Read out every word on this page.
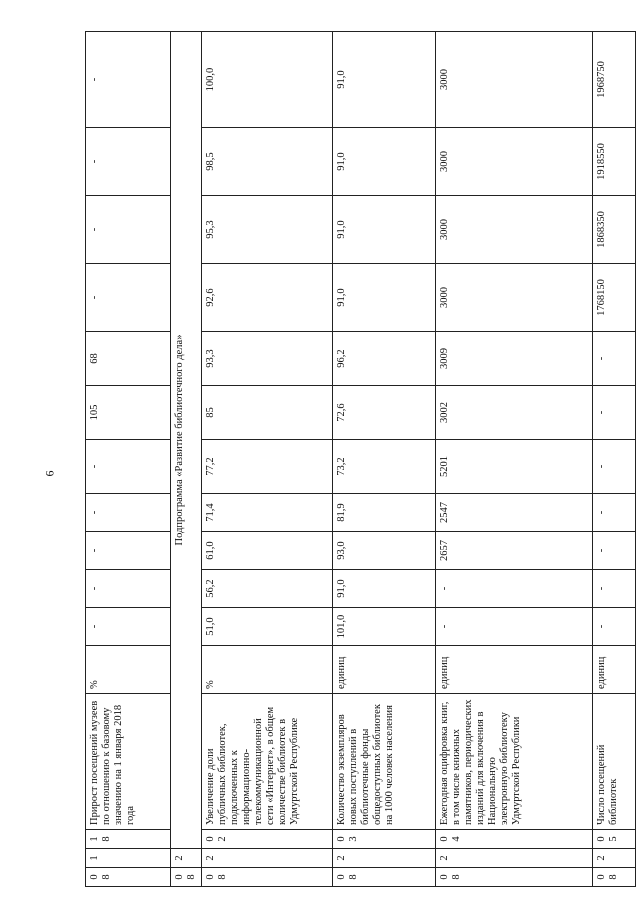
6
08	1	18	Прирост посещений музеев по отношению к базовому значению на 1 января 2018 года	%	-	-	-	-	-	105	68	-	-	-	-
08	2	Подпрограмма «Развитие библиотечного дела»													
08	2	02	Увеличение доли публичных библиотек, подключенных к информационно-телекоммуникационной сети «Интернет», в общем количестве библиотек в Удмуртской Республике	%	51,0	56,2	61,0	71,4	77,2	85	93,3	92,6	95,3	98,5	100,0
08	2	03	Количество экземпляров новых поступлений в библиотечные фонды общедоступных библиотек на 1000 человек населения	единиц	101,0	91,0	93,0	81,9	73,2	72,6	96,2	91,0	91,0	91,0	91,0
08	2	04	Ежегодная оцифровка книг, в том числе книжных памятников, периодических изданий для включения в Национальную электронную библиотеку Удмуртской Республики	единиц	-	-	2657	2547	5201	3002	3009	3000	3000	3000	3000
08	2	05	Число посещений библиотек	единиц	-	-	-	-	-	-	-	1768150	1868350	1918550	1968750
